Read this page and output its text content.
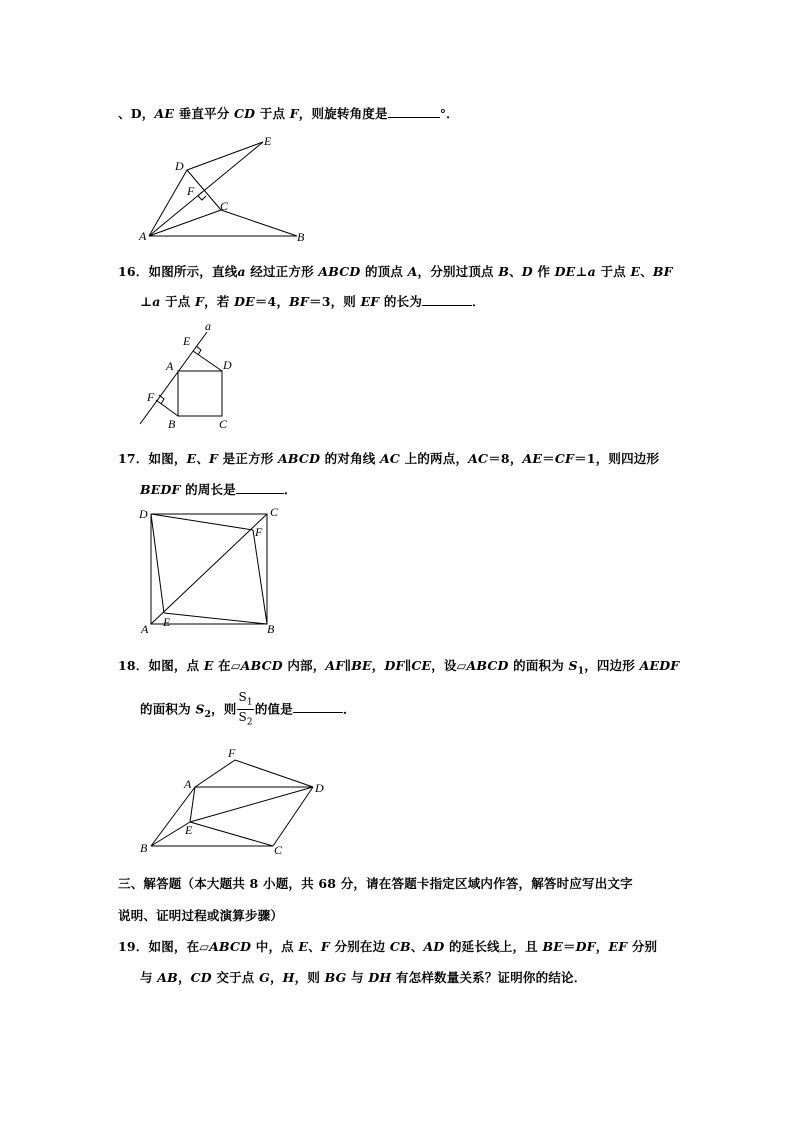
、D，AE 垂直平分 CD 于点 F，则旋转角度是	°．
D
E
F
C
A	B
16．如图所示，直线a 经过正方形 ABCD 的顶点 A，分别过顶点 B、D 作 DE⊥a 于点 E、BF
⊥a 于点 F，若 DE＝4，BF＝3，则 EF 的长为	．
a
E
A	D
F
B	C
17．如图，E、F 是正方形 ABCD 的对角线 AC 上的两点，AC＝8，AE＝CF＝1，则四边形
BEDF 的周长是	．
D	C
F
A E	B
18．如图，点 E 在▱ABCD 内部，AF∥BE，DF∥CE，设▱ABCD 的面积为 $S_1$，四边形 AEDF
的面积为 $S_2$，则 $\frac{S_1}{S_2}$ 的值是	．
F
A	D
E
B	C
三、解答题（本大题共 8 小题，共 68 分，请在答题卡指定区域内作答，解答时应写出文字
说明、证明过程或演算步骤）
19．如图，在▱ABCD 中，点 E、F 分别在边 CB、AD 的延长线上，且 BE＝DF，EF 分别
与 AB，CD 交于点 G，H，则 BG 与 DH 有怎样数量关系？证明你的结论．
